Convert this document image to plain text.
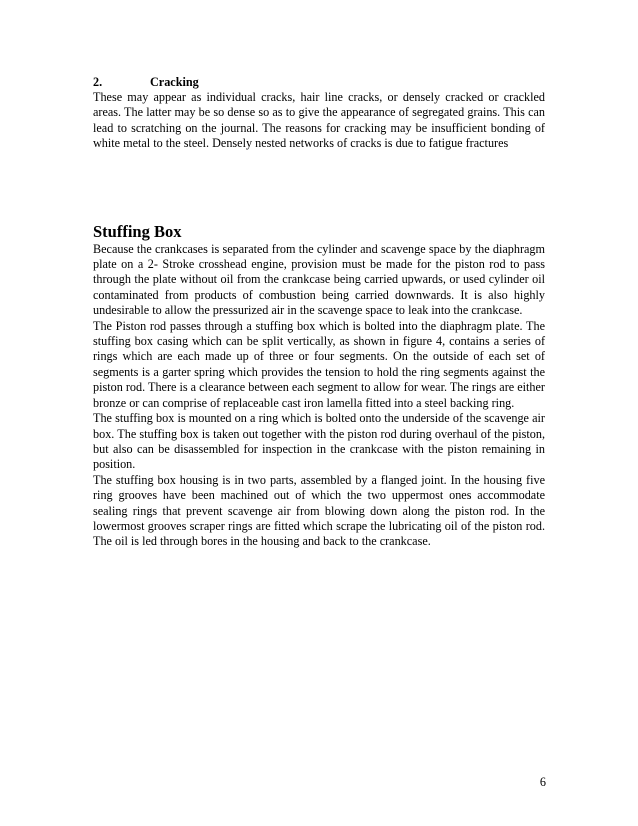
2.	Cracking

These may appear as individual cracks, hair line cracks, or densely cracked or crackled areas. The latter may be so dense so as to give the appearance of segregated grains. This can lead to scratching on the journal. The reasons for cracking may be insufficient bonding of white metal to the steel. Densely nested networks of cracks is due to fatigue fractures

Stuffing Box

Because the crankcases is separated from the cylinder and scavenge space by the diaphragm plate on a 2- Stroke crosshead engine, provision must be made for the piston rod to pass through the plate without oil from the crankcase being carried upwards, or used cylinder oil contaminated from products of combustion being carried downwards. It is also highly undesirable to allow the pressurized air in the scavenge space to leak into the crankcase.

The Piston rod passes through a stuffing box which is bolted into the diaphragm plate. The stuffing box casing which can be split vertically, as shown in figure 4, contains a series of rings which are each made up of three or four segments. On the outside of each set of segments is a garter spring which provides the tension to hold the ring segments against the piston rod. There is a clearance between each segment to allow for wear. The rings are either bronze or can comprise of replaceable cast iron lamella fitted into a steel backing ring.

The stuffing box is mounted on a ring which is bolted onto the underside of the scavenge air box. The stuffing box is taken out together with the piston rod during overhaul of the piston, but also can be disassembled for inspection in the crankcase with the piston remaining in position.

The stuffing box housing is in two parts, assembled by a flanged joint. In the housing five ring grooves have been machined out of which the two uppermost ones accommodate sealing rings that prevent scavenge air from blowing down along the piston rod. In the lowermost grooves scraper rings are fitted which scrape the lubricating oil of the piston rod. The oil is led through bores in the housing and back to the crankcase.

6
